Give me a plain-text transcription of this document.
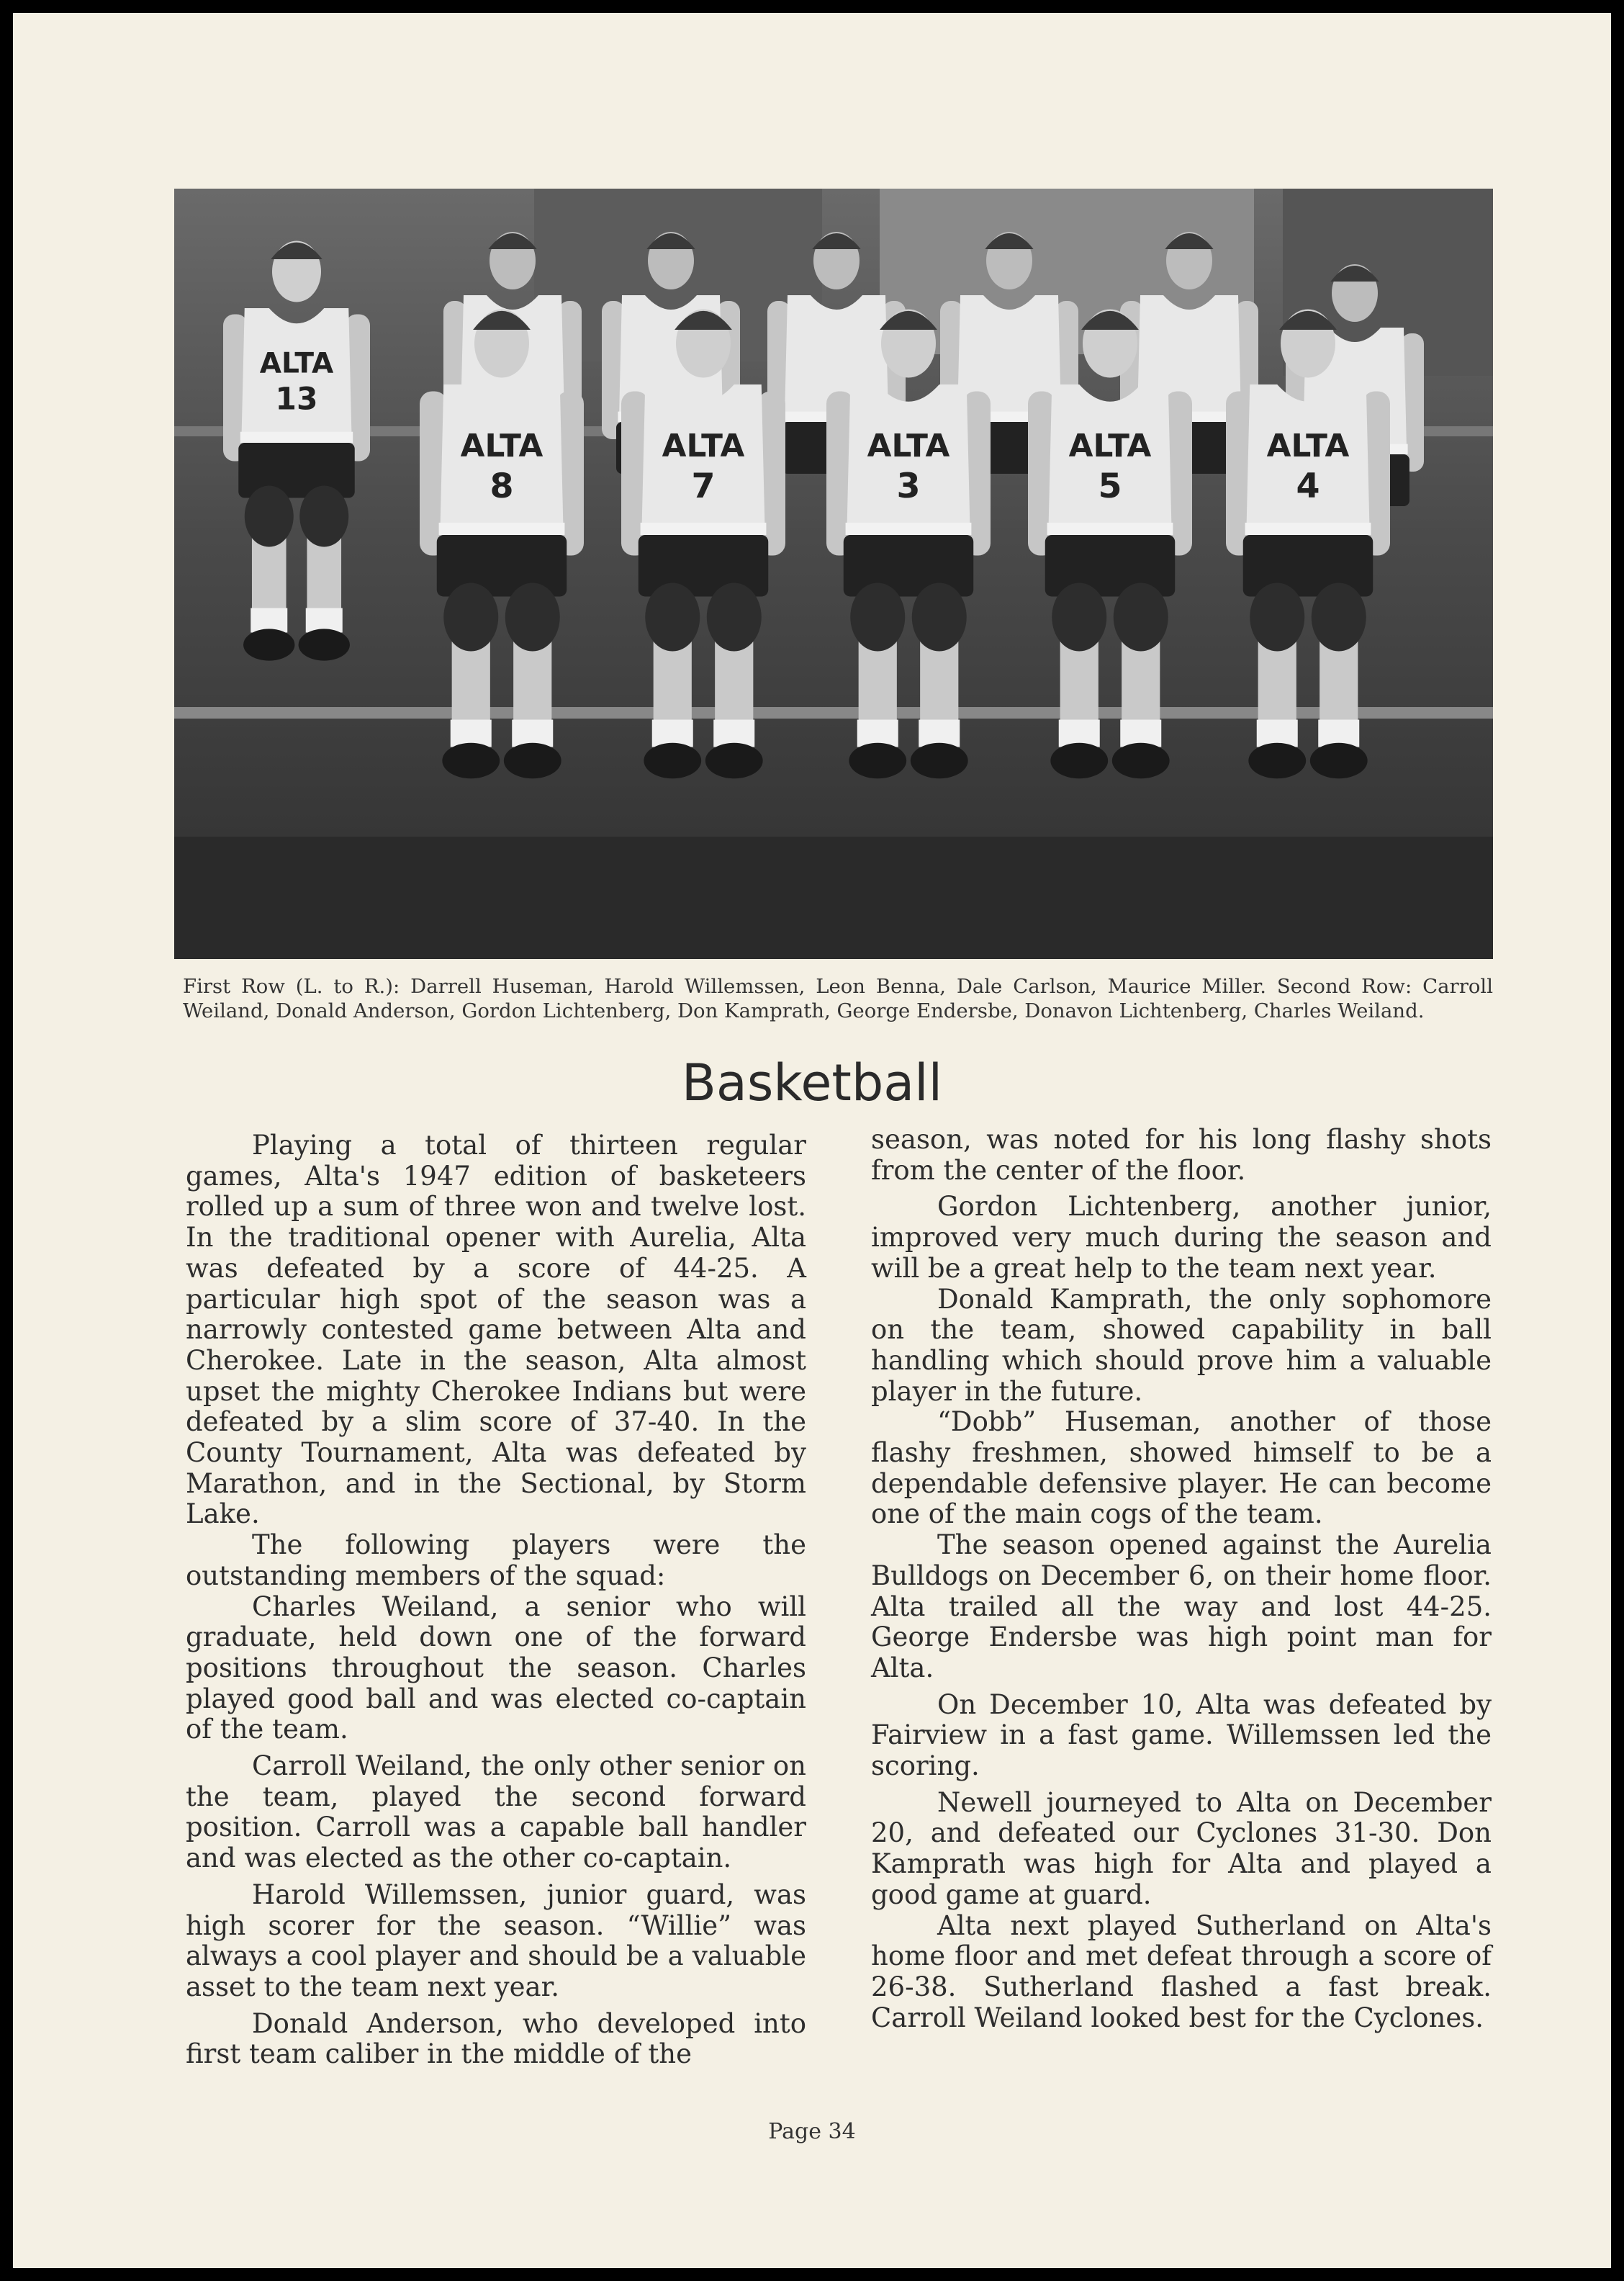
ALTA
13
ALTA
8
ALTA
7
ALTA
3
ALTA
5
ALTA
4
First Row (L. to R.): Darrell Huseman, Harold Willemssen, Leon Benna, Dale Carlson, Maurice Miller. Second Row: Carroll Weiland, Donald Anderson, Gordon Lichtenberg, Don Kamprath, George Endersbe, Donavon Lichtenberg, Charles Weiland.
Basketball

Playing a total of thirteen regular games, Alta's 1947 edition of basketeers rolled up a sum of three won and twelve lost. In the traditional opener with Aurelia, Alta was defeated by a score of 44-25. A particular high spot of the season was a narrowly contested game between Alta and Cherokee. Late in the season, Alta almost upset the mighty Cherokee Indians but were defeated by a slim score of 37-40. In the County Tournament, Alta was defeated by Marathon, and in the Sectional, by Storm Lake.

The following players were the outstanding members of the squad:

Charles Weiland, a senior who will graduate, held down one of the forward positions throughout the season. Charles played good ball and was elected co-captain of the team.

Carroll Weiland, the only other senior on the team, played the second forward position. Carroll was a capable ball handler and was elected as the other co-captain.

Harold Willemssen, junior guard, was high scorer for the season. “Willie” was always a cool player and should be a valuable asset to the team next year.

Donald Anderson, who developed into first team caliber in the middle of the

season, was noted for his long flashy shots from the center of the floor.

Gordon Lichtenberg, another junior, improved very much during the season and will be a great help to the team next year.

Donald Kamprath, the only sophomore on the team, showed capability in ball handling which should prove him a valuable player in the future.

“Dobb” Huseman, another of those flashy freshmen, showed himself to be a dependable defensive player. He can become one of the main cogs of the team.

The season opened against the Aurelia Bulldogs on December 6, on their home floor. Alta trailed all the way and lost 44-25. George Endersbe was high point man for Alta.

On December 10, Alta was defeated by Fairview in a fast game. Willemssen led the scoring.

Newell journeyed to Alta on December 20, and defeated our Cyclones 31-30. Don Kamprath was high for Alta and played a good game at guard.

Alta next played Sutherland on Alta's home floor and met defeat through a score of 26-38. Sutherland flashed a fast break. Carroll Weiland looked best for the Cyclones.

Page 34
